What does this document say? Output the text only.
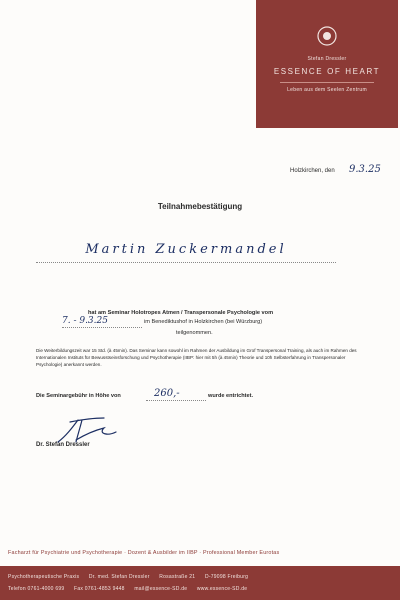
Stefan Dressler
ESSENCE OF HEART
Leben aus dem Seelen Zentrum
Holzkirchen, den 9.3.25
Teilnahmebestätigung
Martin Zuckermandel
hat am Seminar Holotropes Atmen / Transpersonale Psychologie vom
7. - 9.3.25	im Benediktushof in Holzkirchen (bei Würzburg)
teilgenommen.
Die Weiterbildungszeit war 15 Std. (à 45min). Das Seminar kann sowohl im Rahmen der Ausbildung im Grof Transpersonal Training, als auch im Rahmen des Internationalen Instituts für Bewusstseinsforschung und Psychotherapie (IIBP: hier mit 5h (à 45min) Theorie und 10h Selbsterfahrung in Transpersonaler Psychologie) anerkannt werden.
Die Seminargebühr in Höhe von	260,-	wurde entrichtet.
Dr. Stefan Dressler
Facharzt für Psychiatrie und Psychotherapie · Dozent & Ausbilder im IIBP · Professional Member Eurotas
Psychotherapeutische Praxis Dr. med. Stefan Dressler Rosastraße 21 D-79098 Freiburg
Telefon 0761-4000 699 Fax 0761-4853 9448 mail@essence-SD.de www.essence-SD.de
